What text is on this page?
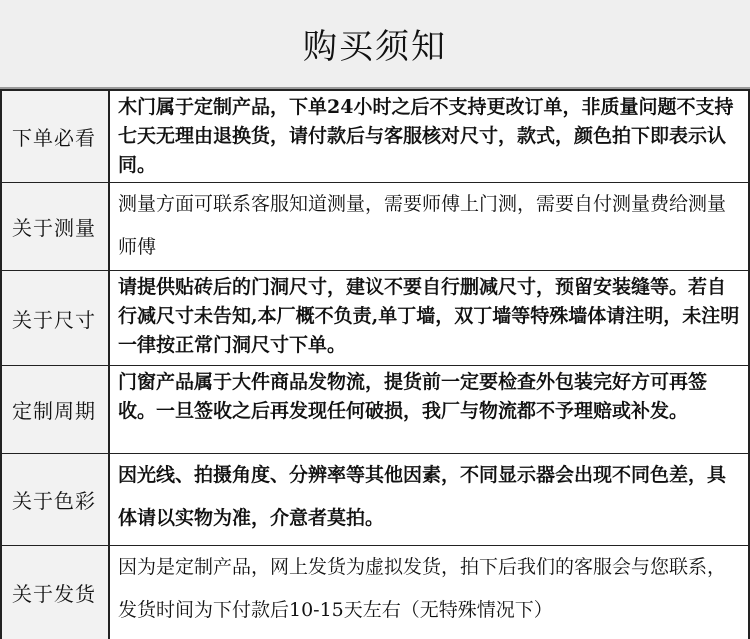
购买须知
下单必看
木门属于定制产品，下单24小时之后不支持更改订单，非质量问题不支持七天无理由退换货，请付款后与客服核对尺寸，款式，颜色拍下即表示认同。
关于测量
测量方面可联系客服知道测量，需要师傅上门测，需要自付测量费给测量师傅
关于尺寸
请提供贴砖后的门洞尺寸，建议不要自行删减尺寸，预留安装缝等。若自行减尺寸未告知,本厂概不负责,单丁墙，双丁墙等特殊墙体请注明，未注明一律按正常门洞尺寸下单。
定制周期
门窗产品属于大件商品发物流，提货前一定要检查外包装完好方可再签收。一旦签收之后再发现任何破损，我厂与物流都不予理赔或补发。
关于色彩
因光线、拍摄角度、分辨率等其他因素，不同显示器会出现不同色差，具体请以实物为准，介意者莫拍。
关于发货
因为是定制产品，网上发货为虚拟发货，拍下后我们的客服会与您联系，发货时间为下付款后10-15天左右（无特殊情况下）
